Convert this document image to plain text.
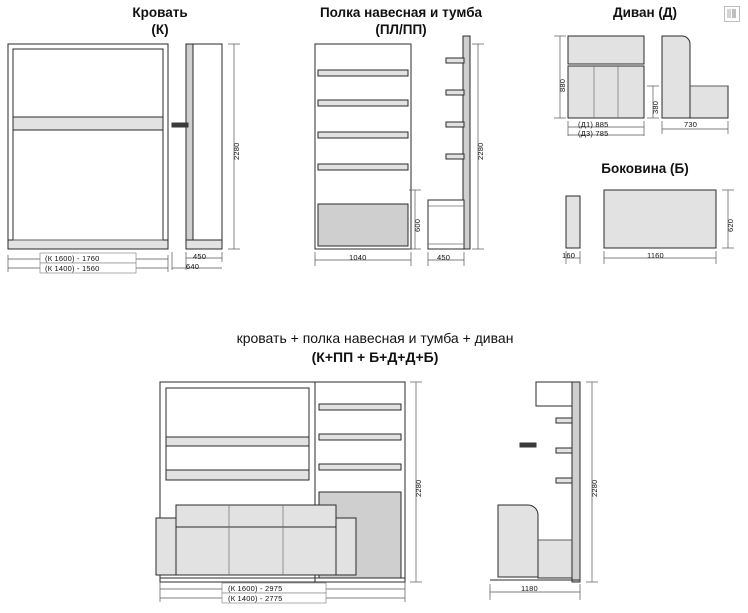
Кровать
(К)
Полка навесная и тумба
(ПЛ/ПП)
Диван (Д)
Боковина (Б)
кровать + полка навесная и тумба + диван
(К+ПП + Б+Д+Д+Б)
(К 1600) - 1760
(К 1400) - 1560
2280
450
640
1040
2280
450
600
880
380
(Д1) 885
(Д3) 785
730
160	1160
620
(К 1600) - 2975
(К 1400) - 2775
2280	2280
1180
